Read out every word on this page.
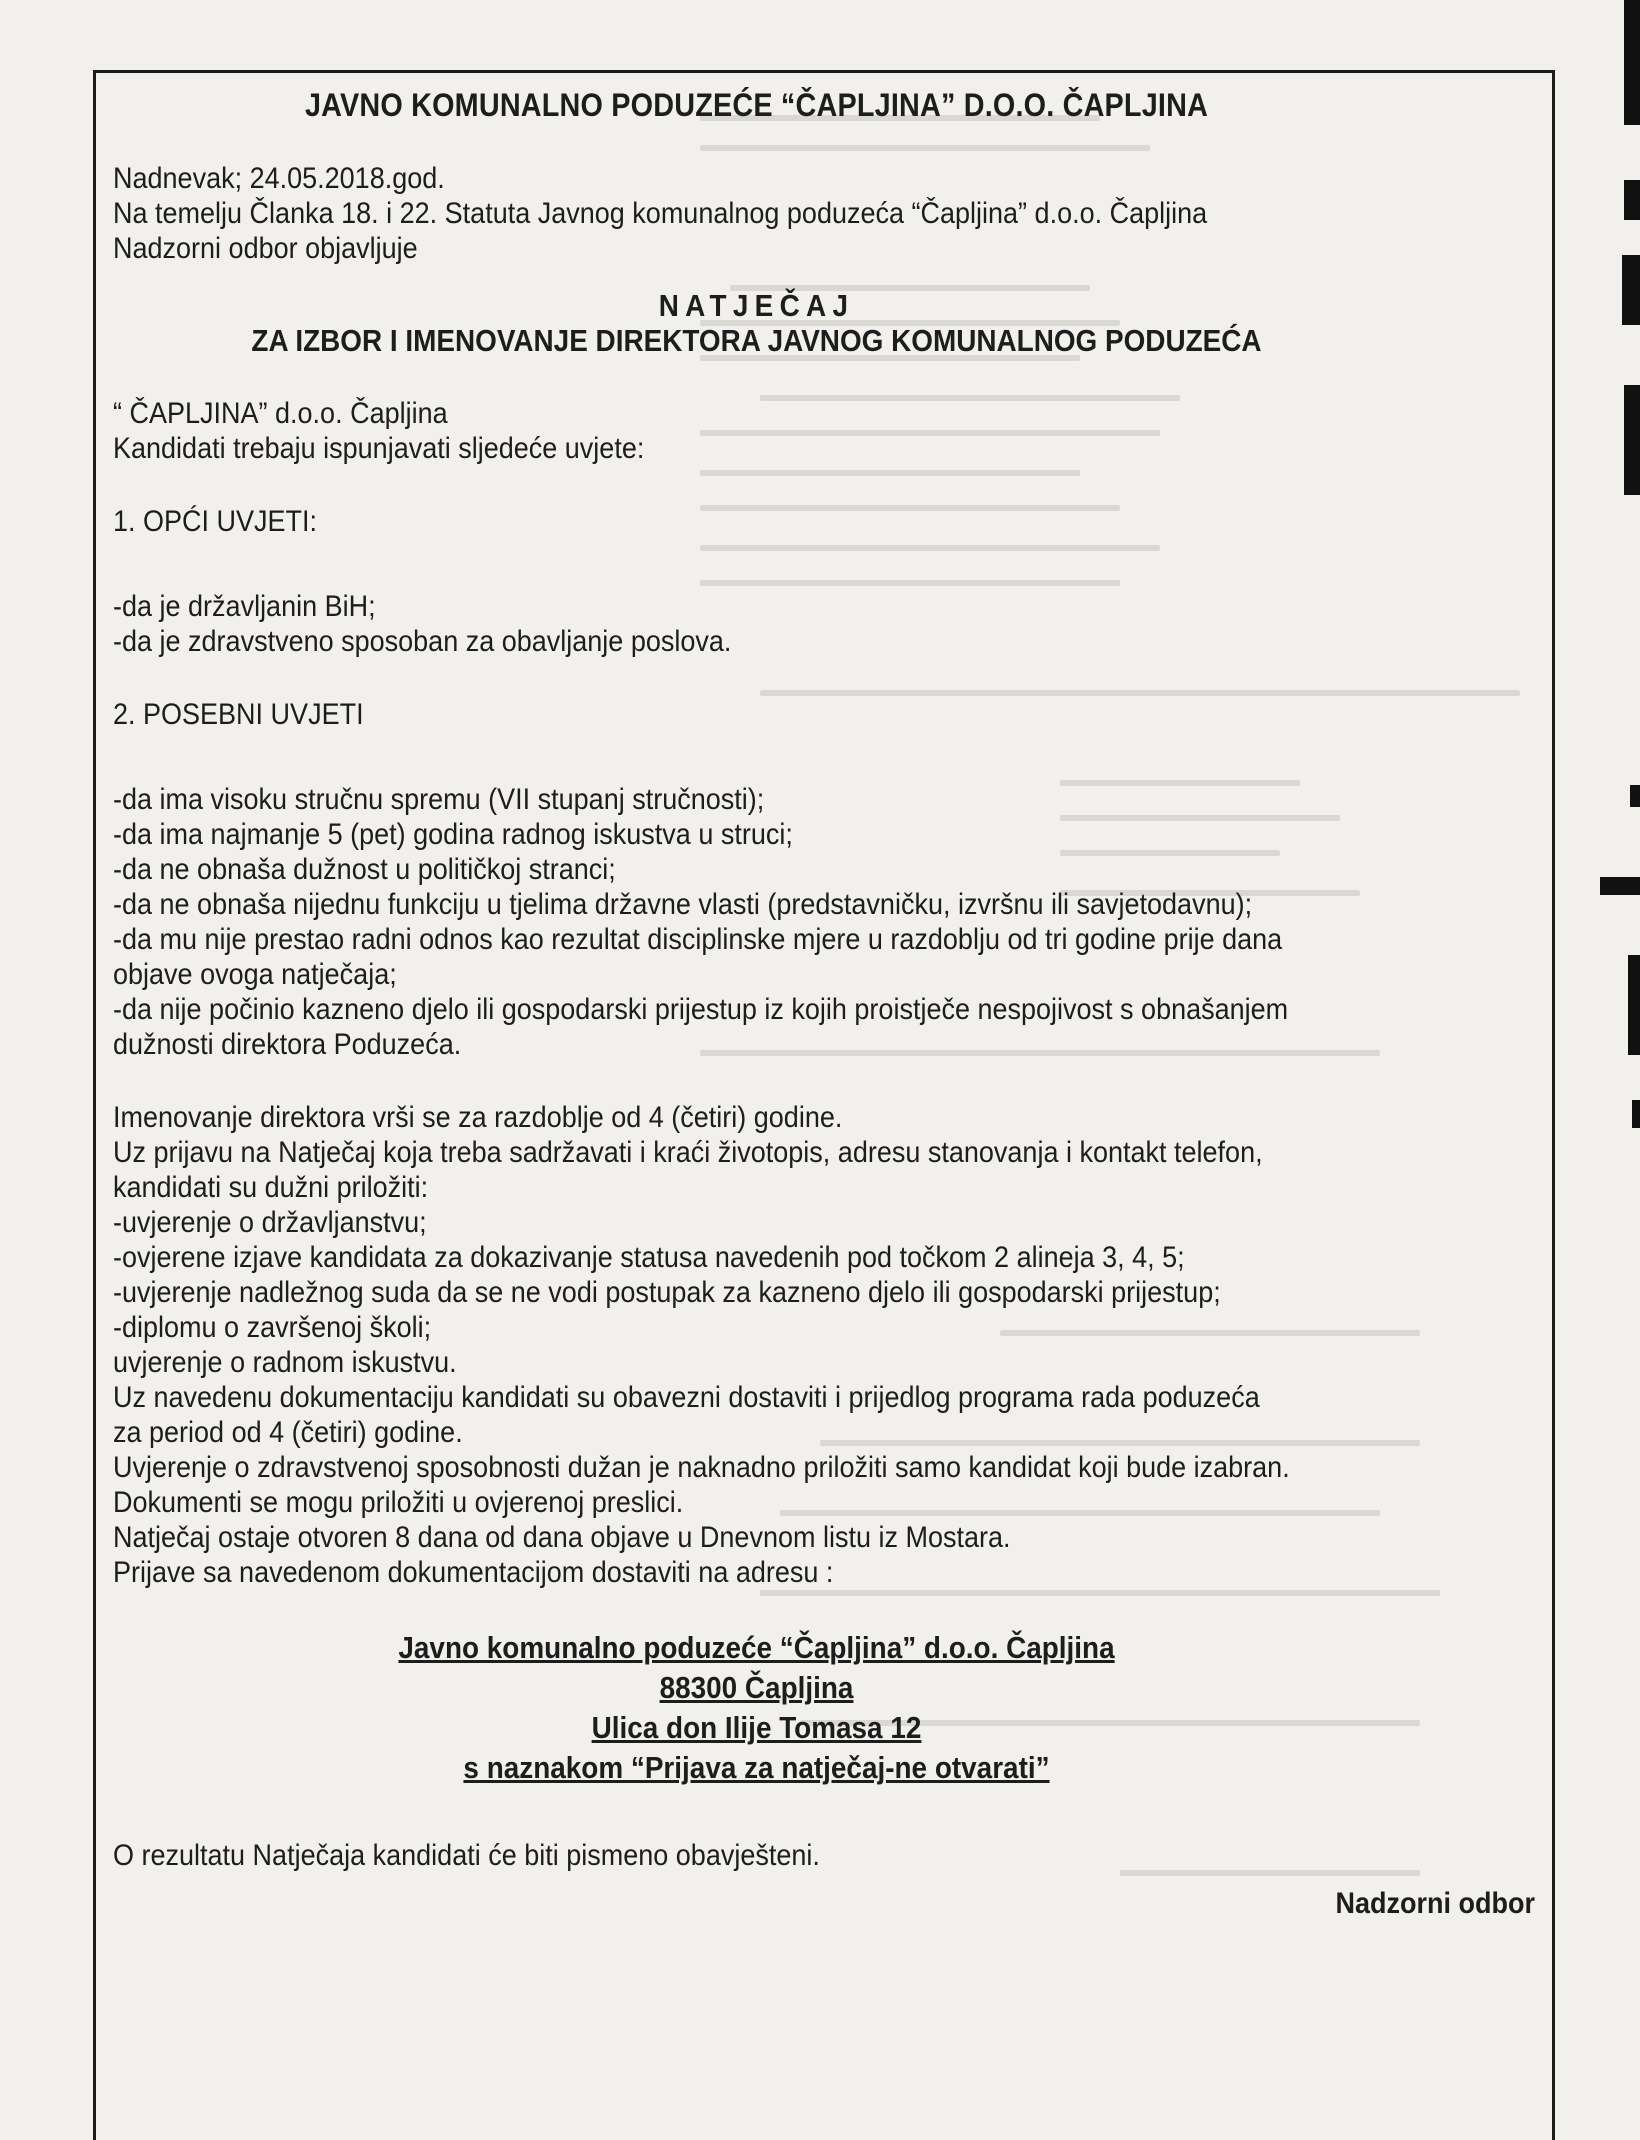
JAVNO KOMUNALNO PODUZEĆE “ČAPLJINA” D.O.O. ČAPLJINA
Nadnevak; 24.05.2018.god.
Na temelju Članka 18. i 22. Statuta Javnog komunalnog poduzeća “Čapljina” d.o.o. Čapljina
Nadzorni odbor objavljuje
NATJEČAJ
ZA IZBOR I IMENOVANJE DIREKTORA JAVNOG KOMUNALNOG PODUZEĆA
“ ČAPLJINA” d.o.o. Čapljina
Kandidati trebaju ispunjavati sljedeće uvjete:
1. OPĆI UVJETI:
-da je državljanin BiH;
-da je zdravstveno sposoban za obavljanje poslova.
2. POSEBNI UVJETI
-da ima visoku stručnu spremu (VII stupanj stručnosti);
-da ima najmanje 5 (pet) godina radnog iskustva u struci;
-da ne obnaša dužnost u političkoj stranci;
-da ne obnaša nijednu funkciju u tjelima državne vlasti (predstavničku, izvršnu ili savjetodavnu);
-da mu nije prestao radni odnos kao rezultat disciplinske mjere u razdoblju od tri godine prije dana
objave ovoga natječaja;
-da nije počinio kazneno djelo ili gospodarski prijestup iz kojih proistječe nespojivost s obnašanjem
dužnosti direktora Poduzeća.
Imenovanje direktora vrši se za razdoblje od 4 (četiri) godine.
Uz prijavu na Natječaj koja treba sadržavati i kraći životopis, adresu stanovanja i kontakt telefon,
kandidati su dužni priložiti:
-uvjerenje o državljanstvu;
-ovjerene izjave kandidata za dokazivanje statusa navedenih pod točkom 2 alineja 3, 4, 5;
-uvjerenje nadležnog suda da se ne vodi postupak za kazneno djelo ili gospodarski prijestup;
-diplomu o završenoj školi;
uvjerenje o radnom iskustvu.
Uz navedenu dokumentaciju kandidati su obavezni dostaviti i prijedlog programa rada poduzeća
za period od 4 (četiri) godine.
Uvjerenje o zdravstvenoj sposobnosti dužan je naknadno priložiti samo kandidat koji bude izabran.
Dokumenti se mogu priložiti u ovjerenoj preslici.
Natječaj ostaje otvoren 8 dana od dana objave u Dnevnom listu iz Mostara.
Prijave sa navedenom dokumentacijom dostaviti na adresu :
Javno komunalno poduzeće “Čapljina” d.o.o. Čapljina
88300 Čapljina
Ulica don Ilije Tomasa 12
s naznakom “Prijava za natječaj-ne otvarati”
O rezultatu Natječaja kandidati će biti pismeno obavješteni.
Nadzorni odbor
